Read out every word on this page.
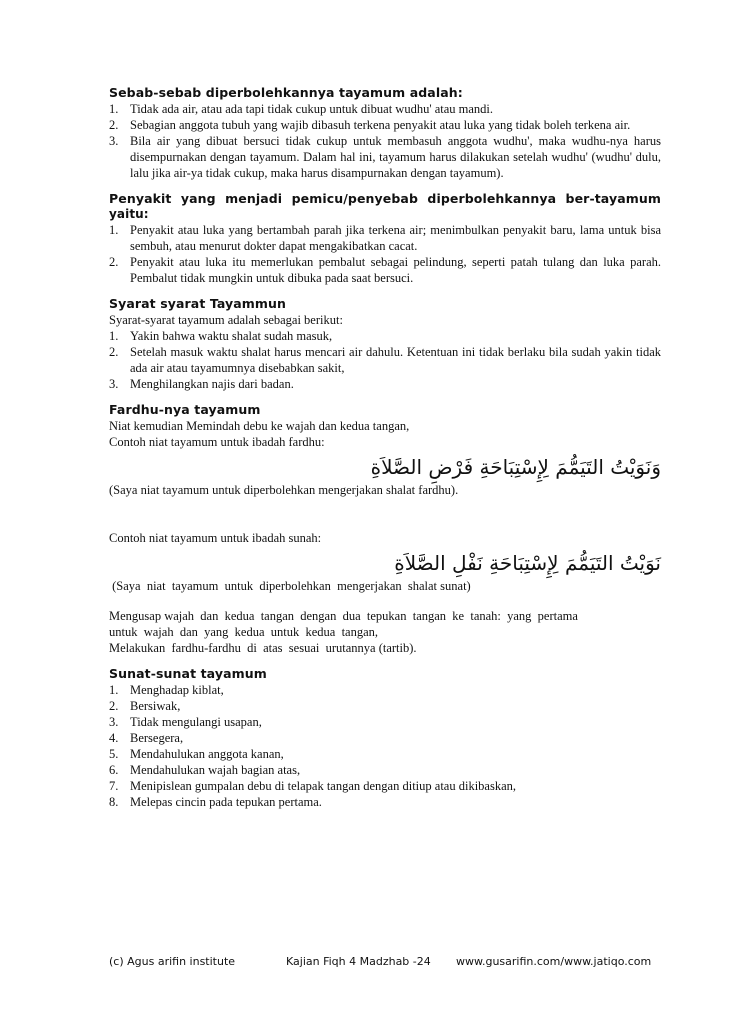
Sebab-sebab diperbolehkannya tayamum adalah:
1. Tidak ada air, atau ada tapi tidak cukup untuk dibuat wudhu' atau mandi.
2. Sebagian anggota tubuh yang wajib dibasuh terkena penyakit atau luka yang tidak boleh terkena air.
3. Bila air yang dibuat bersuci tidak cukup untuk membasuh anggota wudhu', maka wudhu-nya harus disempurnakan dengan tayamum. Dalam hal ini, tayamum harus dilakukan setelah wudhu' (wudhu' dulu, lalu jika air-ya tidak cukup, maka harus disampurnakan dengan tayamum).
Penyakit yang menjadi pemicu/penyebab diperbolehkannya ber-tayamum
yaitu:
1. Penyakit atau luka yang bertambah parah jika terkena air; menimbulkan penyakit baru, lama untuk bisa sembuh, atau menurut dokter dapat mengakibatkan cacat.
2. Penyakit atau luka itu memerlukan pembalut sebagai pelindung, seperti patah tulang dan luka parah. Pembalut tidak mungkin untuk dibuka pada saat bersuci.
Syarat syarat Tayammun

Syarat-syarat tayamum adalah sebagai berikut:

1. Yakin bahwa waktu shalat sudah masuk,
2. Setelah masuk waktu shalat harus mencari air dahulu. Ketentuan ini tidak berlaku bila sudah yakin tidak ada air atau tayamumnya disebabkan sakit,
3. Menghilangkan najis dari badan.
Fardhu-nya tayamum

Niat kemudian Memindah debu ke wajah dan kedua tangan,

Contoh niat tayamum untuk ibadah fardhu:

وَنَوَيْتُ التَيَمُّمَ لِإِسْتِبَاحَةِ فَرْضِ الصَّلاَةِ

(Saya niat tayamum untuk diperbolehkan mengerjakan shalat fardhu).

Contoh niat tayamum untuk ibadah sunah:

نَوَيْتُ التَيَمُّمَ لِإِسْتِبَاحَةِ نَفْلِ الصَّلاَةِ

(Saya  niat  tayamum  untuk  diperbolehkan  mengerjakan  shalat sunat)

Mengusap wajah  dan  kedua  tangan  dengan  dua  tepukan  tangan  ke  tanah:  yang  pertama

untuk  wajah  dan  yang  kedua  untuk  kedua  tangan,

Melakukan  fardhu-fardhu  di  atas  sesuai  urutannya (tartib).

Sunat-sunat tayamum
1. Menghadap kiblat,
2. Bersiwak,
3. Tidak mengulangi usapan,
4. Bersegera,
5. Mendahulukan anggota kanan,
6. Mendahulukan wajah bagian atas,
7. Menipislean gumpalan debu di telapak tangan dengan ditiup atau dikibaskan,
8. Melepas cincin pada tepukan pertama.
(c) Agus arifin institute	Kajian Fiqh 4 Madzhab -24 www.gusarifin.com/www.jatiqo.com
